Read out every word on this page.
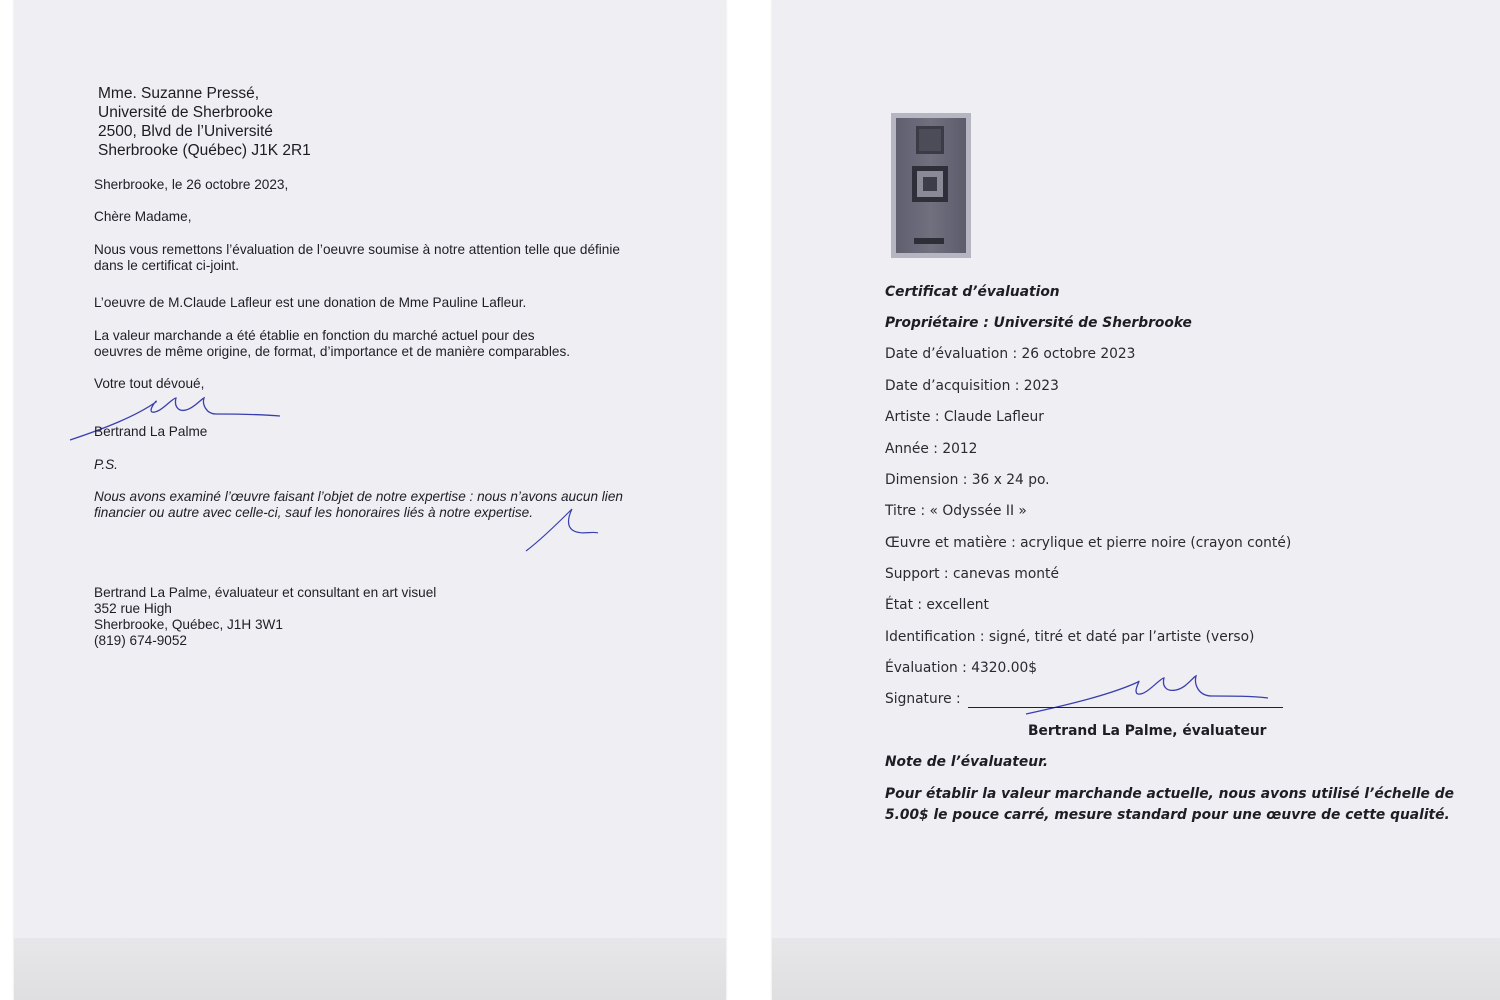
Mme. Suzanne Pressé,
Université de Sherbrooke
2500, Blvd de l’Université
Sherbrooke (Québec) J1K 2R1
Sherbrooke, le 26 octobre 2023,
Chère Madame,
Nous vous remettons l’évaluation de l’oeuvre soumise à notre attention telle que définie
dans le certificat ci-joint.
L’oeuvre de M.Claude Lafleur est une donation de Mme Pauline Lafleur.
La valeur marchande a été établie en fonction du marché actuel pour des
oeuvres de même origine, de format, d’importance et de manière comparables.
Votre tout dévoué,
Bertrand La Palme
P.S.
Nous avons examiné l’œuvre faisant l’objet de notre expertise : nous n’avons aucun lien
financier ou autre avec celle-ci, sauf les honoraires liés à notre expertise.
Bertrand La Palme, évaluateur et consultant en art visuel
352 rue High
Sherbrooke, Québec, J1H 3W1
(819) 674-9052
Certificat d’évaluation
Propriétaire : Université de Sherbrooke
Date d’évaluation : 26 octobre 2023
Date d’acquisition : 2023
Artiste : Claude Lafleur
Année : 2012
Dimension : 36 x 24 po.
Titre : « Odyssée II »
Œuvre et matière : acrylique et pierre noire (crayon conté)
Support : canevas monté
État : excellent
Identification : signé, titré et daté par l’artiste (verso)
Évaluation : 4320.00$
Signature :
Bertrand La Palme, évaluateur
Note de l’évaluateur.
Pour établir la valeur marchande actuelle, nous avons utilisé l’échelle de
5.00$ le pouce carré, mesure standard pour une œuvre de cette qualité.
